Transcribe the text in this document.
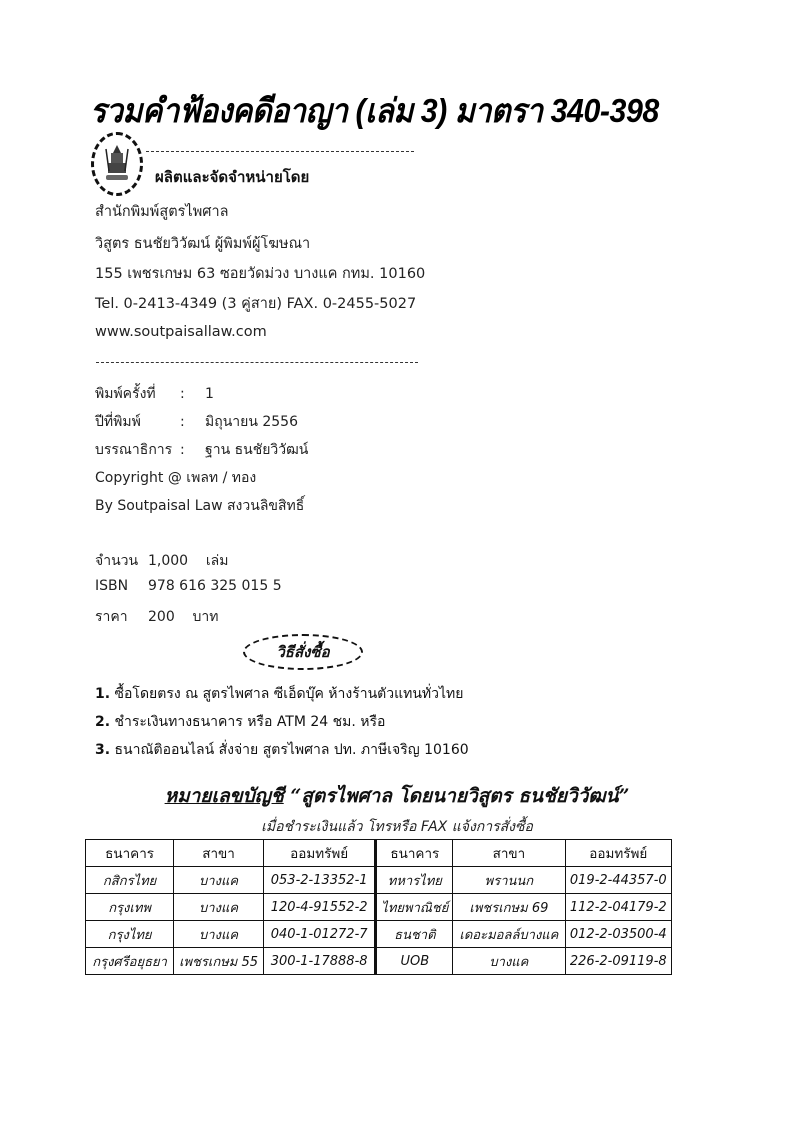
รวมคำฟ้องคดีอาญา (เล่ม 3) มาตรา 340-398
ผลิตและจัดจำหน่ายโดย
สำนักพิมพ์สูตรไพศาล
วิสูตร ธนชัยวิวัฒน์ ผู้พิมพ์ผู้โฆษณา
155 เพชรเกษม 63 ซอยวัดม่วง บางแค กทม. 10160
Tel. 0-2413-4349 (3 คู่สาย) FAX. 0-2455-5027
www.soutpaisallaw.com
พิมพ์ครั้งที่ : 1
ปีที่พิมพ์	: มิถุนายน 2556
บรรณาธิการ : ฐาน ธนชัยวิวัฒน์
Copyright @ เพลท / ทอง
By Soutpaisal Law สงวนลิขสิทธิ์
จำนวน 1,000    เล่ม
ISBN 978 616 325 015 5
ราคา 200    บาท
วิธีสั่งซื้อ
1. ซื้อโดยตรง ณ สูตรไพศาล ซีเอ็ดบุ๊ค ห้างร้านตัวแทนทั่วไทย
2. ชำระเงินทางธนาคาร หรือ ATM 24 ชม. หรือ
3. ธนาณัติออนไลน์ สั่งจ่าย สูตรไพศาล ปท. ภาษีเจริญ 10160
หมายเลขบัญชี “สูตรไพศาล โดยนายวิสูตร ธนชัยวิวัฒน์”
เมื่อชำระเงินแล้ว โทรหรือ FAX แจ้งการสั่งซื้อ
ธนาคาร	สาขา	ออมทรัพย์	ธนาคาร	สาขา	ออมทรัพย์
กสิกรไทย	บางแค	053-2-13352-1	ทหารไทย	พรานนก	019-2-44357-0
กรุงเทพ	บางแค	120-4-91552-2	ไทยพาณิชย์	เพชรเกษม 69	112-2-04179-2
กรุงไทย	บางแค	040-1-01272-7	ธนชาติ	เดอะมอลล์บางแค	012-2-03500-4
กรุงศรีอยุธยา	เพชรเกษม 55	300-1-17888-8	UOB	บางแค	226-2-09119-8
